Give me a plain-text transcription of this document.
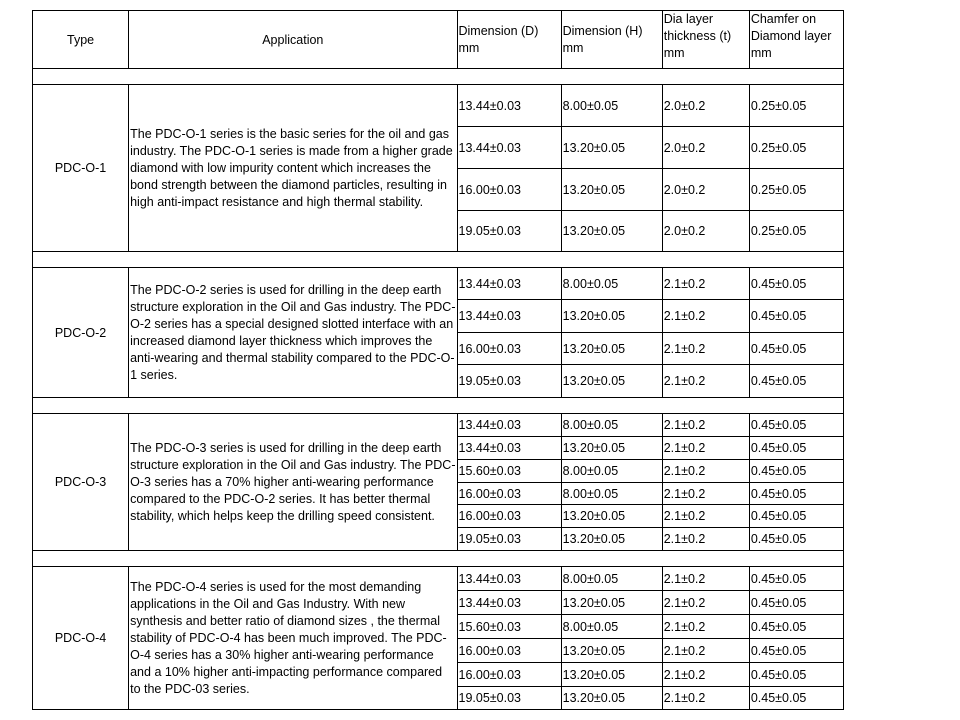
Type	Application	Dimension (D) mm	Dimension (H) mm	Dia layer thickness (t) mm	Chamfer on Diamond layer mm

PDC-O-1	The PDC-O-1 series is the basic series for the oil and gas industry. The PDC-O-1 series is made from a higher grade diamond with low impurity content which increases the bond strength between the diamond particles, resulting in high anti-impact resistance and high thermal stability.	13.44±0.03	8.00±0.05	2.0±0.2	0.25±0.05
		13.44±0.03	13.20±0.05	2.0±0.2	0.25±0.05
		16.00±0.03	13.20±0.05	2.0±0.2	0.25±0.05
		19.05±0.03	13.20±0.05	2.0±0.2	0.25±0.05

PDC-O-2	The PDC-O-2 series is used for drilling in the deep earth structure exploration in the Oil and Gas industry. The PDC-O-2 series has a special designed slotted interface with an increased diamond layer thickness which improves the anti-wearing and thermal stability compared to the PDC-O-1 series.	13.44±0.03	8.00±0.05	2.1±0.2	0.45±0.05
		13.44±0.03	13.20±0.05	2.1±0.2	0.45±0.05
		16.00±0.03	13.20±0.05	2.1±0.2	0.45±0.05
		19.05±0.03	13.20±0.05	2.1±0.2	0.45±0.05

PDC-O-3	The PDC-O-3 series is used for drilling in the deep earth structure exploration in the Oil and Gas industry. The PDC-O-3 series has a 70% higher anti-wearing performance compared to the PDC-O-2 series. It has better thermal stability, which helps keep the drilling speed consistent.	13.44±0.03	8.00±0.05	2.1±0.2	0.45±0.05
		13.44±0.03	13.20±0.05	2.1±0.2	0.45±0.05
		15.60±0.03	8.00±0.05	2.1±0.2	0.45±0.05
		16.00±0.03	8.00±0.05	2.1±0.2	0.45±0.05
		16.00±0.03	13.20±0.05	2.1±0.2	0.45±0.05
		19.05±0.03	13.20±0.05	2.1±0.2	0.45±0.05

PDC-O-4	The PDC-O-4 series is used for the most demanding applications in the Oil and Gas Industry. With new synthesis and better ratio of diamond sizes , the thermal stability of PDC-O-4 has been much improved. The PDC-O-4 series has a 30% higher anti-wearing performance and a 10% higher anti-impacting performance compared to the PDC-03 series.	13.44±0.03	8.00±0.05	2.1±0.2	0.45±0.05
		13.44±0.03	13.20±0.05	2.1±0.2	0.45±0.05
		15.60±0.03	8.00±0.05	2.1±0.2	0.45±0.05
		16.00±0.03	13.20±0.05	2.1±0.2	0.45±0.05
		16.00±0.03	13.20±0.05	2.1±0.2	0.45±0.05
		19.05±0.03	13.20±0.05	2.1±0.2	0.45±0.05
